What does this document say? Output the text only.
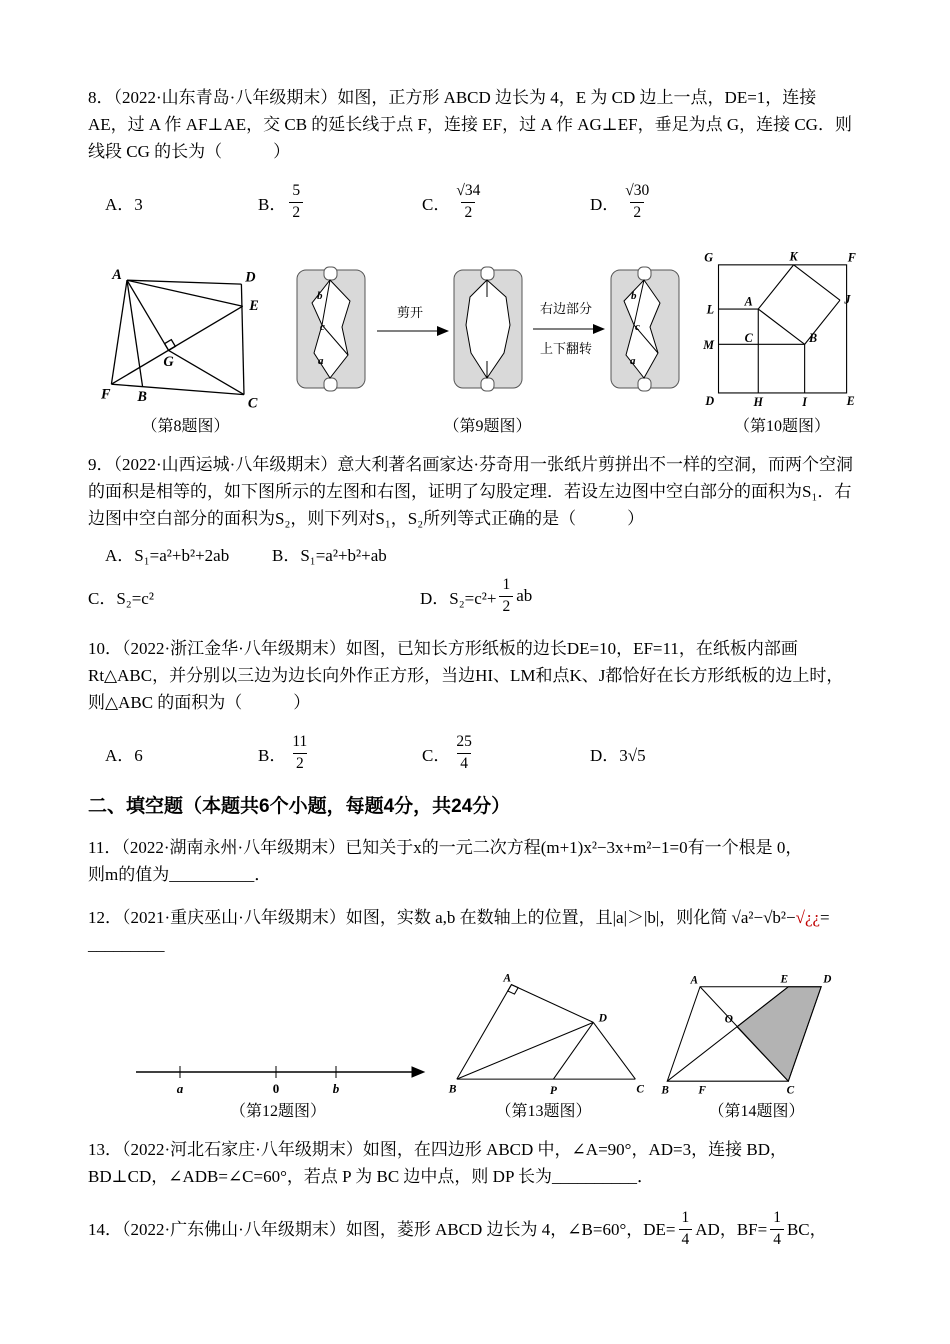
8．（2022·山东青岛·八年级期末）如图，正方形 ABCD 边长为 4，E 为 CD 边上一点，DE=1，连接
AE，过 A 作 AF⊥AE，交 CB 的延长线于点 F，连接 EF，过 A 作 AG⊥EF，垂足为点 G，连接 CG．则
线段 CG 的长为（　　　）
A．3	B． $\frac{5}{2}$	C． $\frac{√34}{2}$	D． $\frac{√30}{2}$
A	D
E
F B	C
G
（第8题图）
b
c
a
剪开	右边部分
上下翻转
b
c
a
（第9题图）
G	K	F
L
A	J
M	C	B
D	H	I	E
（第10题图）
9．（2022·山西运城·八年级期末）意大利著名画家达·芬奇用一张纸片剪拼出不一样的空洞，而两个空洞
的面积是相等的，如下图所示的左图和右图，证明了勾股定理．若设左边图中空白部分的面积为S₁．右
边图中空白部分的面积为S₂，则下列对S₁，S₂所列等式正确的是（　　　）
A．S₁=a²+b²+2ab	B．S₁=a²+b²+ab
C．S₂=c²	D．$S_2=c^2+ \frac{1}{2}$ ab
10．（2022·浙江金华·八年级期末）如图，已知长方形纸板的边长DE=10，EF=11，在纸板内部画
Rt△ABC，并分别以三边为边长向外作正方形，当边HI、LM和点K、J都恰好在长方形纸板的边上时，
则△ABC 的面积为（　　　）
A．6	B． $\frac{11}{2}$	C． $\frac{25}{4}$	D．3√5
二、填空题（本题共6个小题，每题4分，共24分）
11．（2022·湖南永州·八年级期末）已知关于x的一元二次方程(m+1)x²−3x+m²−1=0有一个根是 0，
则m的值为__________．
12．（2021·重庆巫山·八年级期末）如图，实数 a,b 在数轴上的位置，且|a|＞|b|，则化简 √a²−√b²−√¿¿=
_________
a	0	b
（第12题图）
A
B	C
D
P
（第13题图）
A	E	D
O
B	F	C
（第14题图）
13．（2022·河北石家庄·八年级期末）如图，在四边形 ABCD 中，∠A=90°，AD=3，连接 BD，
BD⊥CD，∠ADB=∠C=60°，若点 P 为 BC 边中点，则 DP 长为__________．
14．（2022·广东佛山·八年级期末）如图，菱形 ABCD 边长为 4，∠B=60°，$DE= \frac{1}{4}$ AD，$BF= \frac{1}{4}$ BC，
